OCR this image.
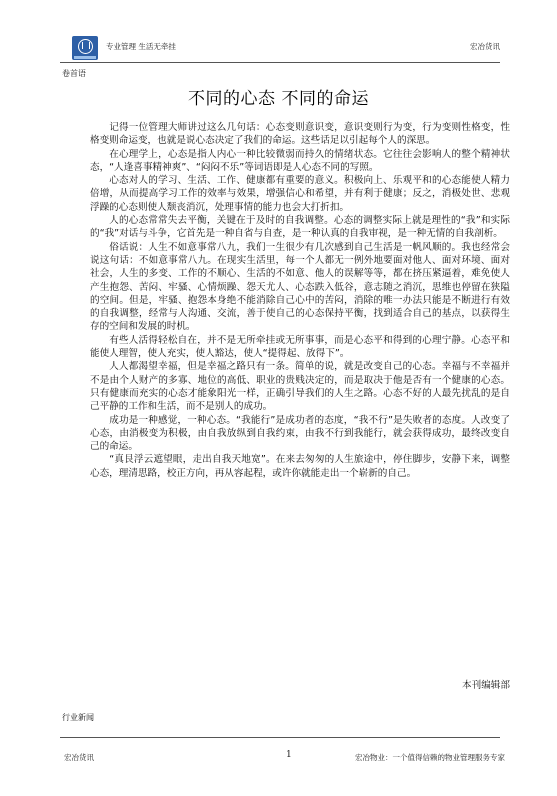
专业管理 生活无牵挂	宏冶货讯
卷首语
不同的心态 不同的命运

记得一位管理大师讲过这么几句话：心态变则意识变，意识变则行为变，行为变则性格变，性格变则命运变，也就是说心态决定了我们的命运。这些话足以引起每个人的深思。

在心理学上，心态是指人内心一种比较微弱而持久的情绪状态。它往往会影响人的整个精神状态，“人逢喜事精神爽”、“闷闷不乐”等词语即是人心态不同的写照。

心态对人的学习、生活、工作、健康都有重要的意义。积极向上、乐观平和的心态能使人精力倍增，从而提高学习工作的效率与效果，增强信心和希望，并有利于健康；反之，消极处世、悲观浮躁的心态则使人颓丧消沉，处理事情的能力也会大打折扣。

人的心态常常失去平衡，关键在于及时的自我调整。心态的调整实际上就是理性的“我”和实际的“我”对话与斗争，它首先是一种自省与自查，是一种认真的自我审视，是一种无情的自我剖析。

俗话说：人生不如意事常八九，我们一生很少有几次感到自己生活是一帆风顺的。我也经常会说这句话：不如意事常八九。在现实生活里，每一个人都无一例外地要面对他人、面对环境、面对社会，人生的多变、工作的不顺心、生活的不如意、他人的误解等等，都在挤压紧逼着，难免使人产生抱怨、苦闷、牢骚、心情烦躁、怨天尤人、心态跌入低谷，意志随之消沉，思维也停留在狭隘的空间。但是，牢骚、抱怨本身绝不能消除自己心中的苦闷，消除的唯一办法只能是不断进行有效的自我调整，经常与人沟通、交流，善于使自己的心态保持平衡，找到适合自己的基点，以获得生存的空间和发展的时机。

有些人活得轻松自在，并不是无所牵挂或无所事事，而是心态平和得到的心理宁静。心态平和能使人理智，使人充实，使人豁达，使人“提得起、放得下”。

人人都渴望幸福，但是幸福之路只有一条。简单的说，就是改变自己的心态。幸福与不幸福并不是由个人财产的多寡、地位的高低、职业的贵贱决定的，而是取决于他是否有一个健康的心态。只有健康而充实的心态才能象阳光一样，正确引导我们的人生之路。心态不好的人最先扰乱的是自己平静的工作和生活，而不是别人的成功。

成功是一种感觉，一种心态。“我能行”是成功者的态度，“我不行”是失败者的态度。人改变了心态，由消极变为积极，由自我放纵到自我约束，由我不行到我能行，就会获得成功，最终改变自己的命运。

“真艮浮云遮望眼，走出自我天地宽”。在来去匆匆的人生旅途中，停住脚步，安静下来，调整心态，理清思路，校正方向，再从容起程，或许你就能走出一个崭新的自己。

本刊编辑部
行业新闻
宏冶货讯	1	宏冶物业：一个值得信赖的物业管理服务专家
